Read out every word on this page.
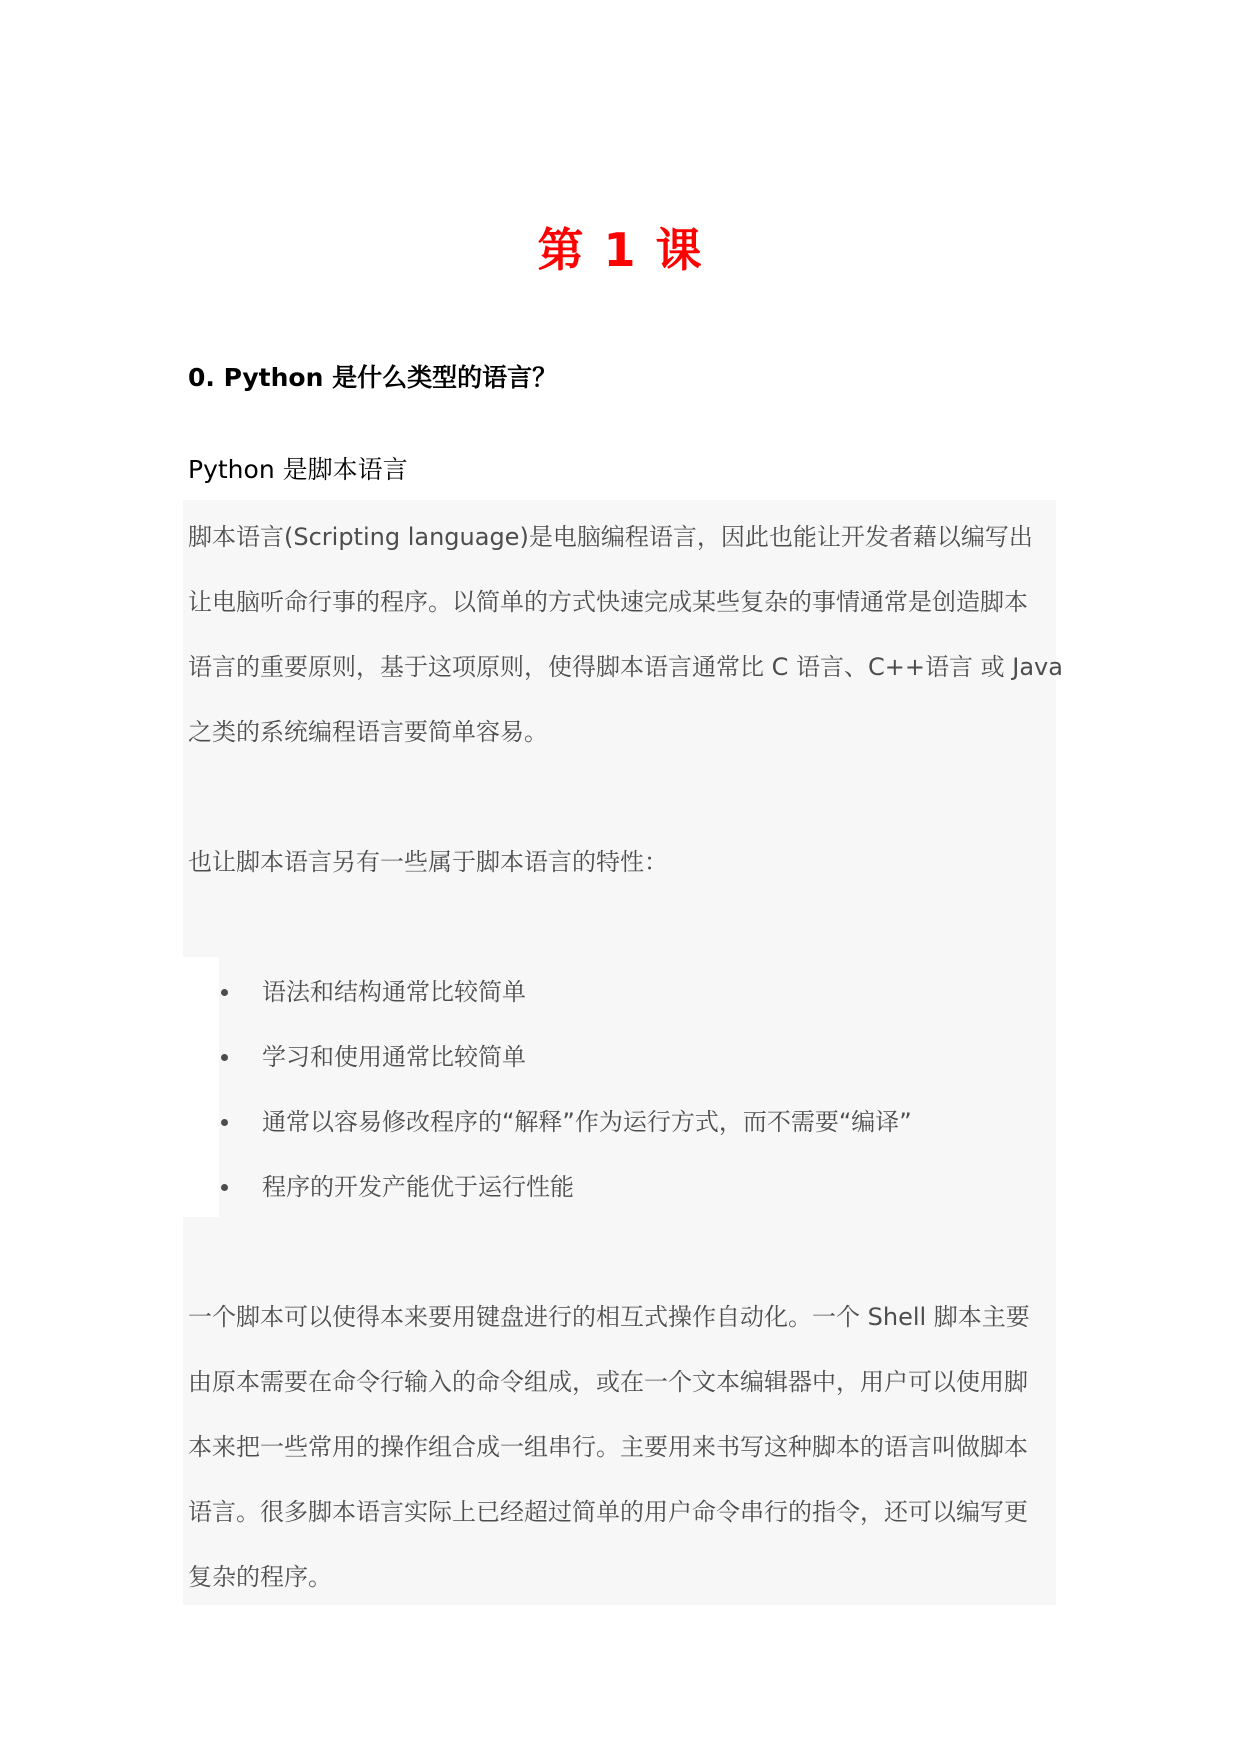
第 1 课
0. Python 是什么类型的语言？
Python 是脚本语言

脚本语言(Scripting language)是电脑编程语言，因此也能让开发者藉以编写出
让电脑听命行事的程序。以简单的方式快速完成某些复杂的事情通常是创造脚本
语言的重要原则，基于这项原则，使得脚本语言通常比 C 语言、C++语言 或 Java
之类的系统编程语言要简单容易。

也让脚本语言另有一些属于脚本语言的特性：

语法和结构通常比较简单
学习和使用通常比较简单
通常以容易修改程序的“解释”作为运行方式，而不需要“编译”
程序的开发产能优于运行性能

一个脚本可以使得本来要用键盘进行的相互式操作自动化。一个 Shell 脚本主要
由原本需要在命令行输入的命令组成，或在一个文本编辑器中，用户可以使用脚
本来把一些常用的操作组合成一组串行。主要用来书写这种脚本的语言叫做脚本
语言。很多脚本语言实际上已经超过简单的用户命令串行的指令，还可以编写更
复杂的程序。
